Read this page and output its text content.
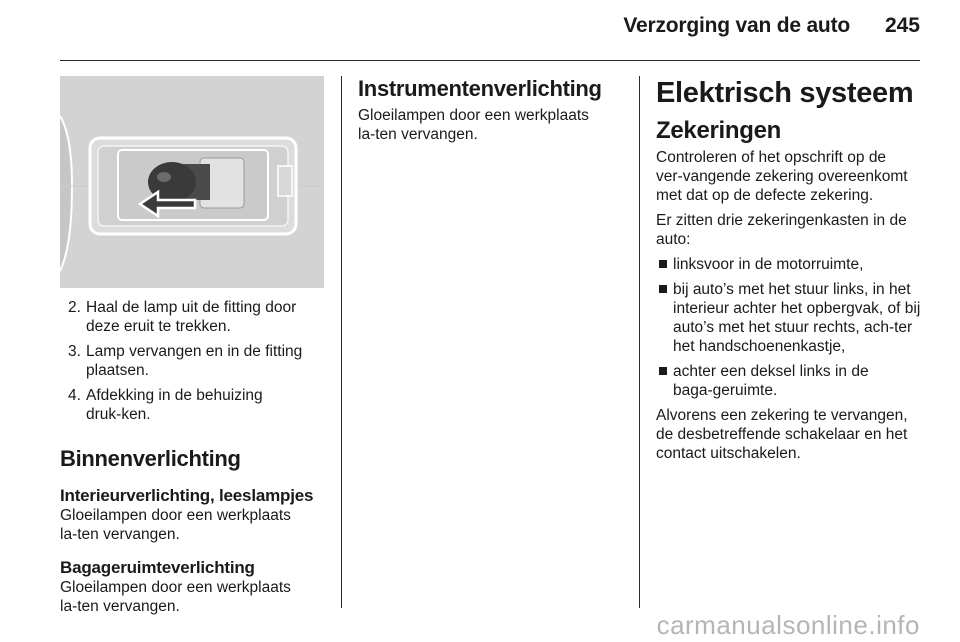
Verzorging van de auto	245
2. Haal de lamp uit de fitting door deze eruit te trekken.
3. Lamp vervangen en in de fitting plaatsen.
4. Afdekking in de behuizing druk‑ken.
Binnenverlichting
Interieurverlichting, leeslampjes
Gloeilampen door een werkplaats la‑ten vervangen.
Bagageruimteverlichting
Gloeilampen door een werkplaats la‑ten vervangen.
Instrumentenverlichting
Gloeilampen door een werkplaats la‑ten vervangen.
Elektrisch systeem
Zekeringen
Controleren of het opschrift op de ver‑vangende zekering overeenkomt met dat op de defecte zekering.
Er zitten drie zekeringenkasten in de auto:
linksvoor in de motorruimte,
bij auto’s met het stuur links, in het interieur achter het opbergvak, of bij auto’s met het stuur rechts, ach‑ter het handschoenenkastje,
achter een deksel links in de baga‑geruimte.
Alvorens een zekering te vervangen, de desbetreffende schakelaar en het contact uitschakelen.
carmanualsonline.info
